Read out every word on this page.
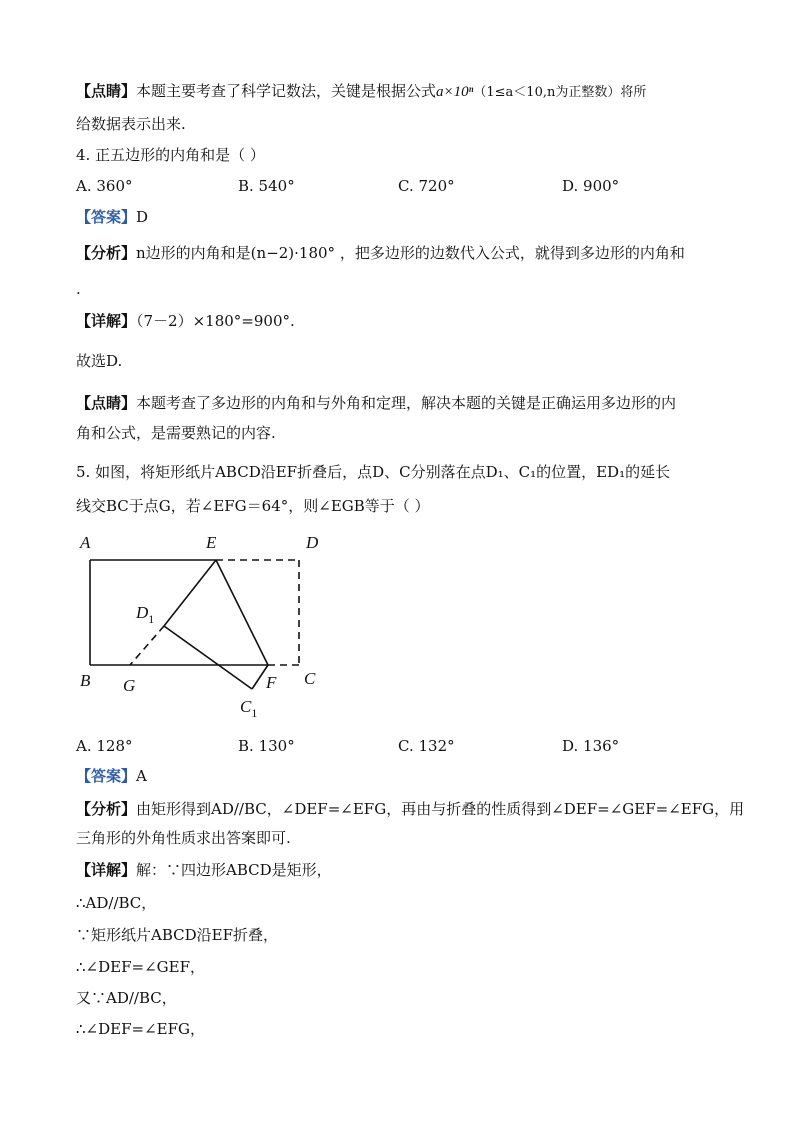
【点睛】本题主要考查了科学记数法，关键是根据公式a×10ⁿ（1≤a＜10,n为正整数）将所
给数据表示出来.
4. 正五边形的内角和是（ ）
A. 360°	B. 540°	C. 720°	D. 900°
【答案】D
【分析】n边形的内角和是(n−2)·180° ，把多边形的边数代入公式，就得到多边形的内角和
.
【详解】（7－2）×180°=900°.
故选D.
【点睛】本题考查了多边形的内角和与外角和定理，解决本题的关键是正确运用多边形的内
角和公式，是需要熟记的内容.
5. 如图，将矩形纸片ABCD沿EF折叠后，点D、C分别落在点D₁、C₁的位置，ED₁的延长
线交BC于点G，若∠EFG＝64°，则∠EGB等于（ ）
A	E	D
$D_1$
B G	F C
$C_1$
A. 128°	B. 130°	C. 132°	D. 136°
【答案】A
【分析】由矩形得到AD//BC，∠DEF=∠EFG，再由与折叠的性质得到∠DEF=∠GEF=∠EFG，用
三角形的外角性质求出答案即可.
【详解】解：∵四边形ABCD是矩形，
∴AD//BC，
∵矩形纸片ABCD沿EF折叠，
∴∠DEF=∠GEF，
又∵AD//BC，
∴∠DEF=∠EFG，
